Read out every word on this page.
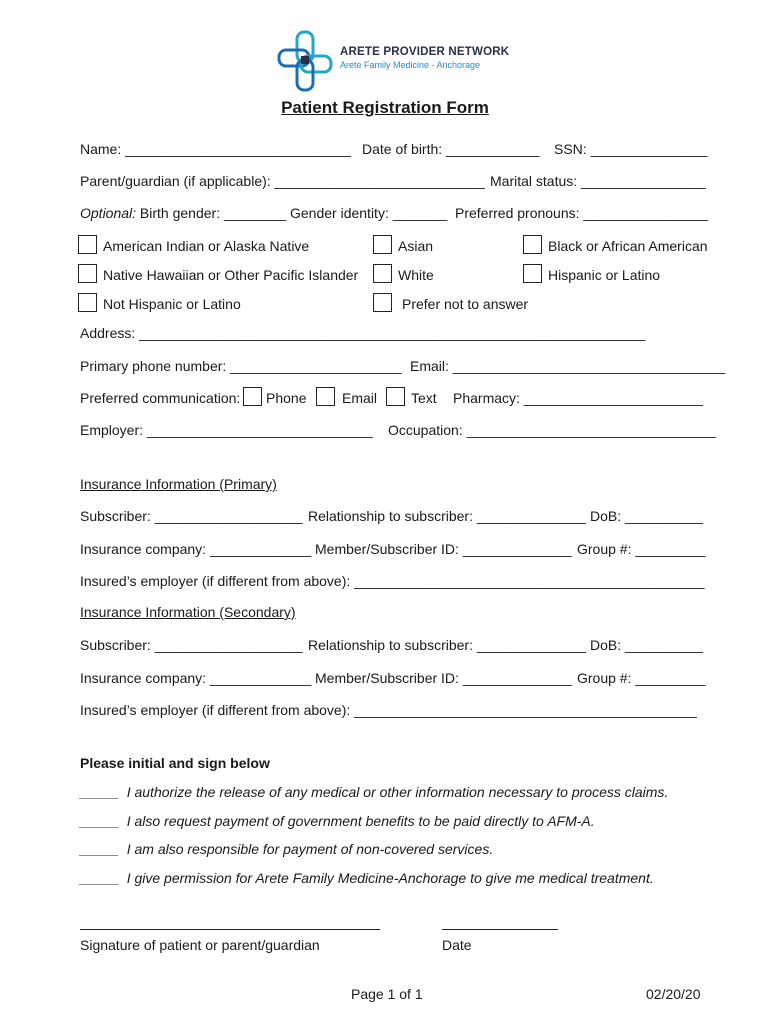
ARETE PROVIDER NETWORK
Arete Family Medicine - Anchorage
Patient Registration Form
Name: _____________________________ Date of birth: ____________ SSN: _______________
Parent/guardian (if applicable): ___________________________ Marital status: ________________
Optional: Birth gender: ________ Gender identity: _______ Preferred pronouns: ________________
American Indian or Alaska Native	Asian	Black or African American
Native Hawaiian or Other Pacific Islander	White	Hispanic or Latino
Not Hispanic or Latino	Prefer not to answer
Address: _________________________________________________________________
Primary phone number: ______________________ Email: ___________________________________
Preferred communication: Phone	Email Text Pharmacy: _______________________
Employer: _____________________________ Occupation: ________________________________
Insurance Information (Primary)
Subscriber: ___________________ Relationship to subscriber: ______________ DoB: __________
Insurance company: _____________ Member/Subscriber ID: ______________ Group #: _________
Insured’s employer (if different from above): _____________________________________________
Insurance Information (Secondary)
Subscriber: ___________________ Relationship to subscriber: ______________ DoB: __________
Insurance company: _____________ Member/Subscriber ID: ______________ Group #: _________
Insured’s employer (if different from above): ____________________________________________
Please initial and sign below
_____  I authorize the release of any medical or other information necessary to process claims.
_____  I also request payment of government benefits to be paid directly to AFM-A.
_____  I am also responsible for payment of non-covered services.
_____  I give permission for Arete Family Medicine-Anchorage to give me medical treatment.
Signature of patient or parent/guardian	Date
Page 1 of 1	02/20/20
